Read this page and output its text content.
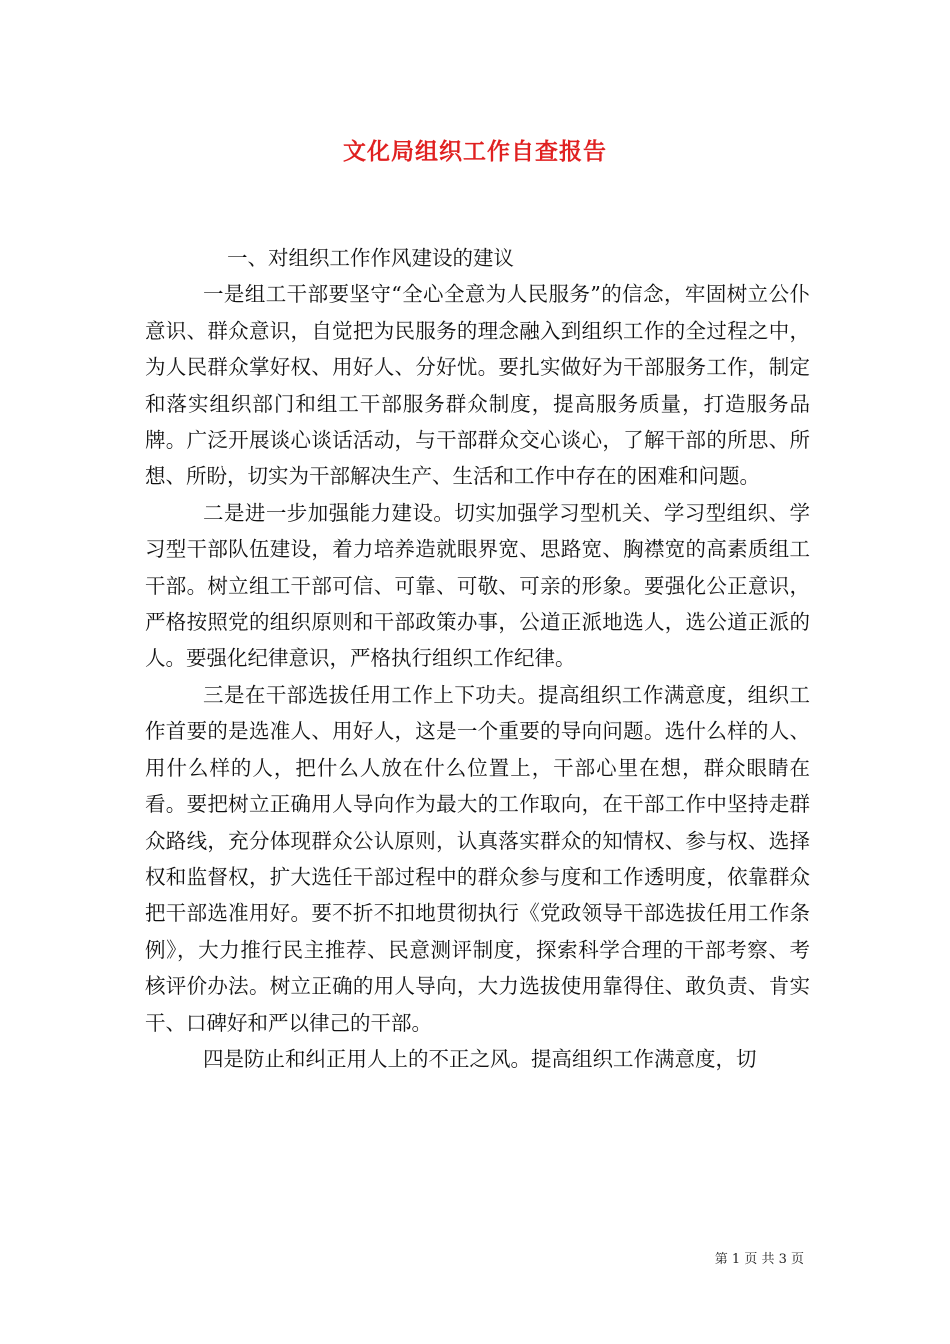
文化局组织工作自查报告

一、对组织工作作风建设的建议

一是组工干部要坚守“全心全意为人民服务”的信念，牢固树立公仆意识、群众意识，自觉把为民服务的理念融入到组织工作的全过程之中，为人民群众掌好权、用好人、分好忧。要扎实做好为干部服务工作，制定和落实组织部门和组工干部服务群众制度，提高服务质量，打造服务品牌。广泛开展谈心谈话活动，与干部群众交心谈心，了解干部的所思、所想、所盼，切实为干部解决生产、生活和工作中存在的困难和问题。

二是进一步加强能力建设。切实加强学习型机关、学习型组织、学习型干部队伍建设，着力培养造就眼界宽、思路宽、胸襟宽的高素质组工干部。树立组工干部可信、可靠、可敬、可亲的形象。要强化公正意识，严格按照党的组织原则和干部政策办事，公道正派地选人，选公道正派的人。要强化纪律意识，严格执行组织工作纪律。

三是在干部选拔任用工作上下功夫。提高组织工作满意度，组织工作首要的是选准人、用好人，这是一个重要的导向问题。选什么样的人、用什么样的人，把什么人放在什么位置上，干部心里在想，群众眼睛在看。要把树立正确用人导向作为最大的工作取向，在干部工作中坚持走群众路线，充分体现群众公认原则，认真落实群众的知情权、参与权、选择权和监督权，扩大选任干部过程中的群众参与度和工作透明度，依靠群众把干部选准用好。要不折不扣地贯彻执行《党政领导干部选拔任用工作条例》，大力推行民主推荐、民意测评制度，探索科学合理的干部考察、考核评价办法。树立正确的用人导向，大力选拔使用靠得住、敢负责、肯实干、口碑好和严以律己的干部。

四是防止和纠正用人上的不正之风。提高组织工作满意度，切

第 1 页 共 3 页
